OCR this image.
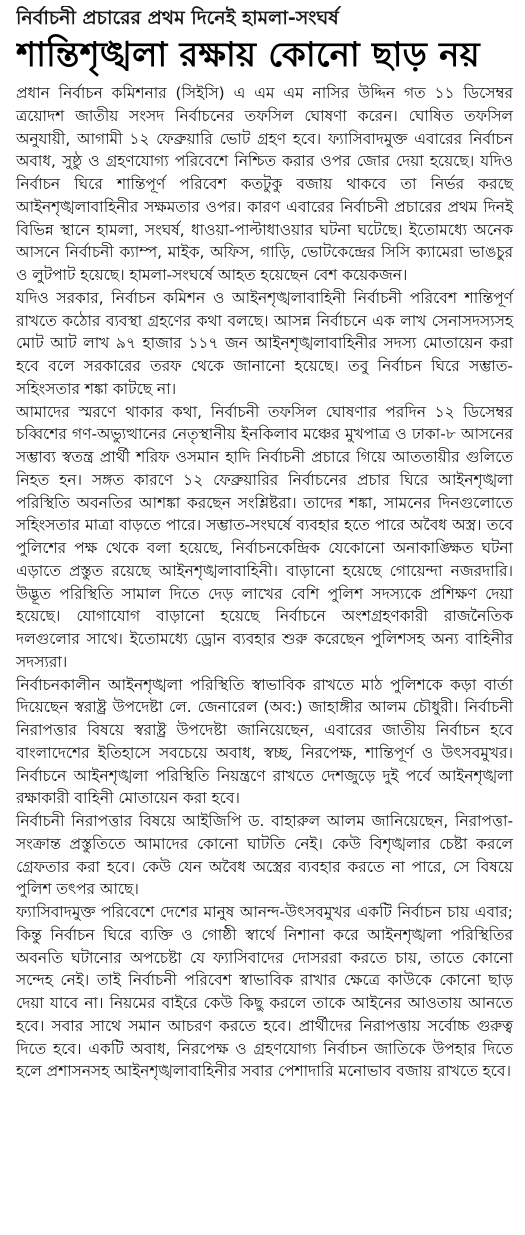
নির্বাচনী প্রচারের প্রথম দিনেই হামলা-সংঘর্ষ
শান্তিশৃঙ্খলা রক্ষায় কোনো ছাড় নয়

প্রধান নির্বাচন কমিশনার (সিইসি) এ এম এম নাসির উদ্দিন গত ১১ ডিসেম্বর ত্রয়োদশ জাতীয় সংসদ নির্বাচনের তফসিল ঘোষণা করেন। ঘোষিত তফসিল অনুযায়ী, আগামী ১২ ফেব্রুয়ারি ভোট গ্রহণ হবে। ফ্যাসিবাদমুক্ত এবারের নির্বাচন অবাধ, সুষ্ঠু ও গ্রহণযোগ্য পরিবেশে নিশ্চিত করার ওপর জোর দেয়া হয়েছে। যদিও নির্বাচন ঘিরে শান্তিপূর্ণ পরিবেশ কতটুকু বজায় থাকবে তা নির্ভর করছে আইনশৃঙ্খলাবাহিনীর সক্ষমতার ওপর। কারণ এবারের নির্বাচনী প্রচারের প্রথম দিনই বিভিন্ন স্থানে হামলা, সংঘর্ষ, ধাওয়া-পাল্টাধাওয়ার ঘটনা ঘটেছে। ইতোমধ্যে অনেক আসনে নির্বাচনী ক্যাম্প, মাইক, অফিস, গাড়ি, ভোটকেন্দ্রের সিসি ক্যামেরা ভাঙচুর ও লুটপাট হয়েছে। হামলা-সংঘর্ষে আহত হয়েছেন বেশ কয়েকজন।

যদিও সরকার, নির্বাচন কমিশন ও আইনশৃঙ্খলাবাহিনী নির্বাচনী পরিবেশ শান্তিপূর্ণ রাখতে কঠোর ব্যবস্থা গ্রহণের কথা বলছে। আসন্ন নির্বাচনে এক লাখ সেনাসদস্যসহ মোট আট লাখ ৯৭ হাজার ১১৭ জন আইনশৃঙ্খলাবাহিনীর সদস্য মোতায়েন করা হবে বলে সরকারের তরফ থেকে জানানো হয়েছে। তবু নির্বাচন ঘিরে সম্ভাত-সহিংসতার শঙ্কা কাটছে না।

আমাদের স্মরণে থাকার কথা, নির্বাচনী তফসিল ঘোষণার পরদিন ১২ ডিসেম্বর চব্বিশের গণ-অভ্যুত্থানের নেতৃস্থানীয় ইনকিলাব মঞ্চের মুখপাত্র ও ঢাকা-৮ আসনের সম্ভাব্য স্বতন্ত্র প্রার্থী শরিফ ওসমান হাদি নির্বাচনী প্রচারে গিয়ে আততায়ীর গুলিতে নিহত হন। সঙ্গত কারণে ১২ ফেব্রুয়ারির নির্বাচনের প্রচার ঘিরে আইনশৃঙ্খলা পরিস্থিতি অবনতির আশঙ্কা করছেন সংশ্লিষ্টরা। তাদের শঙ্কা, সামনের দিনগুলোতে সহিংসতার মাত্রা বাড়তে পারে। সম্ভাত-সংঘর্ষে ব্যবহার হতে পারে অবৈধ অস্ত্র। তবে পুলিশের পক্ষ থেকে বলা হয়েছে, নির্বাচনকেন্দ্রিক যেকোনো অনাকাঙ্ক্ষিত ঘটনা এড়াতে প্রস্তুত রয়েছে আইনশৃঙ্খলাবাহিনী। বাড়ানো হয়েছে গোয়েন্দা নজরদারি। উদ্ভূত পরিস্থিতি সামাল দিতে দেড় লাখের বেশি পুলিশ সদস্যকে প্রশিক্ষণ দেয়া হয়েছে। যোগাযোগ বাড়ানো হয়েছে নির্বাচনে অংশগ্রহণকারী রাজনৈতিক দলগুলোর সাথে। ইতোমধ্যে ড্রোন ব্যবহার শুরু করেছেন পুলিশসহ অন্য বাহিনীর সদস্যরা।

নির্বাচনকালীন আইনশৃঙ্খলা পরিস্থিতি স্বাভাবিক রাখতে মাঠ পুলিশকে কড়া বার্তা দিয়েছেন স্বরাষ্ট্র উপদেষ্টা লে. জেনারেল (অব:) জাহাঙ্গীর আলম চৌধুরী। নির্বাচনী নিরাপত্তার বিষয়ে স্বরাষ্ট্র উপদেষ্টা জানিয়েছেন, এবারের জাতীয় নির্বাচন হবে বাংলাদেশের ইতিহাসে সবচেয়ে অবাধ, স্বচ্ছ, নিরপেক্ষ, শান্তিপূর্ণ ও উৎসবমুখর। নির্বাচনে আইনশৃঙ্খলা পরিস্থিতি নিয়ন্ত্রণে রাখতে দেশজুড়ে দুই পর্বে আইনশৃঙ্খলা রক্ষাকারী বাহিনী মোতায়েন করা হবে।

নির্বাচনী নিরাপত্তার বিষয়ে আইজিপি ড. বাহারুল আলম জানিয়েছেন, নিরাপত্তা-সংক্রান্ত প্রস্তুতিতে আমাদের কোনো ঘাটতি নেই। কেউ বিশৃঙ্খলার চেষ্টা করলে গ্রেফতার করা হবে। কেউ যেন অবৈধ অস্ত্রের ব্যবহার করতে না পারে, সে বিষয়ে পুলিশ তৎপর আছে।

ফ্যাসিবাদমুক্ত পরিবেশে দেশের মানুষ আনন্দ-উৎসবমুখর একটি নির্বাচন চায় এবার; কিন্তু নির্বাচন ঘিরে ব্যক্তি ও গোষ্ঠী স্বার্থে নিশানা করে আইনশৃঙ্খলা পরিস্থিতির অবনতি ঘটানোর অপচেষ্টা যে ফ্যাসিবাদের দোসররা করতে চায়, তাতে কোনো সন্দেহ নেই। তাই নির্বাচনী পরিবেশ স্বাভাবিক রাখার ক্ষেত্রে কাউকে কোনো ছাড় দেয়া যাবে না। নিয়মের বাইরে কেউ কিছু করলে তাকে আইনের আওতায় আনতে হবে। সবার সাথে সমান আচরণ করতে হবে। প্রার্থীদের নিরাপত্তায় সর্বোচ্চ গুরুত্ব দিতে হবে। একটি অবাধ, নিরপেক্ষ ও গ্রহণযোগ্য নির্বাচন জাতিকে উপহার দিতে হলে প্রশাসনসহ আইনশৃঙ্খলাবাহিনীর সবার পেশাদারি মনোভাব বজায় রাখতে হবে।
